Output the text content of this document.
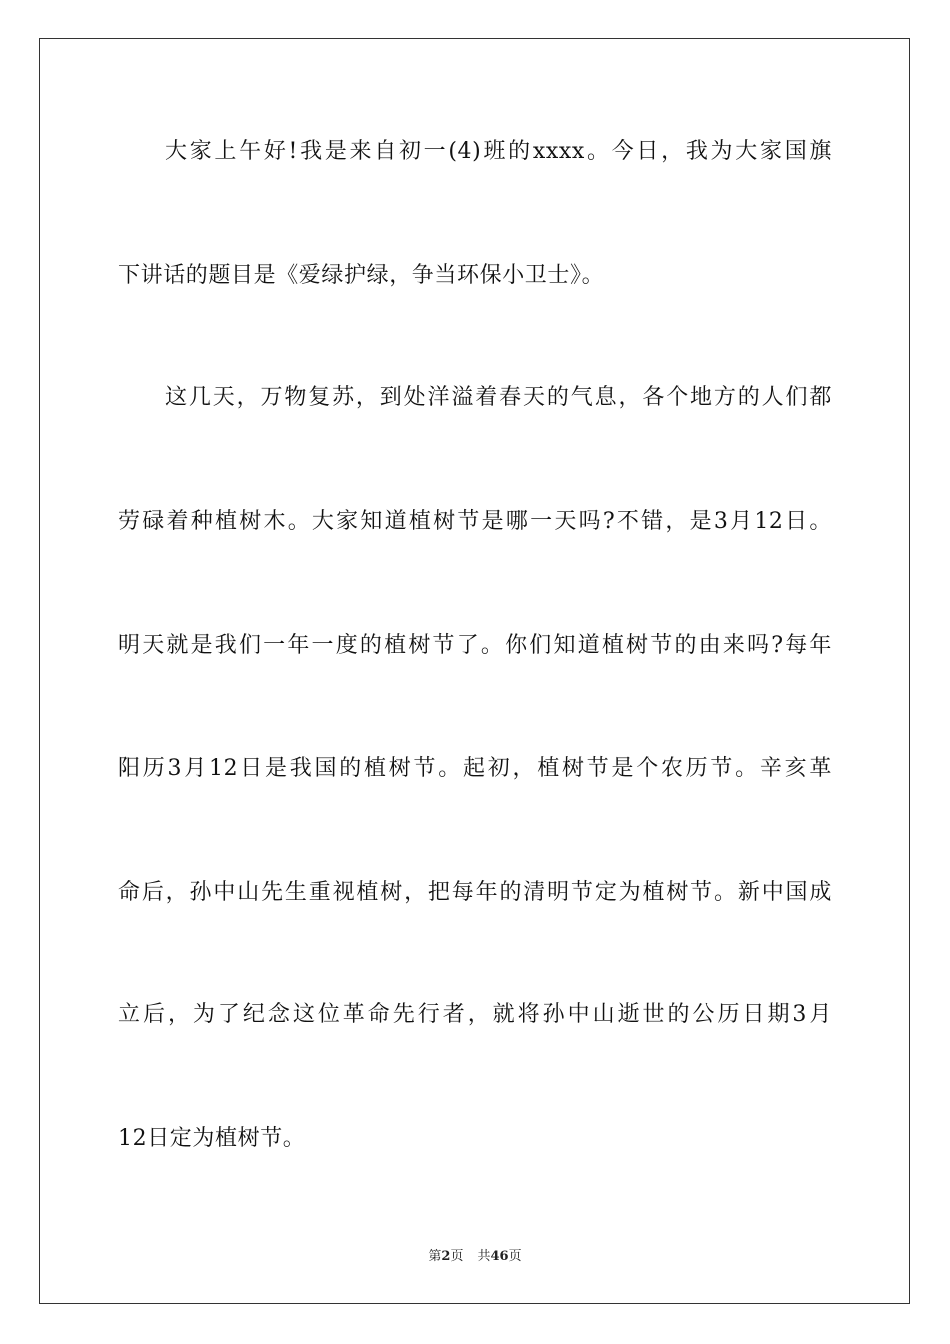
大家上午好!我是来自初一(4)班的xxxx。今日，我为大家国旗
下讲话的题目是《爱绿护绿，争当环保小卫士》。
这几天，万物复苏，到处洋溢着春天的气息，各个地方的人们都
劳碌着种植树木。大家知道植树节是哪一天吗?不错，是3月12日。
明天就是我们一年一度的植树节了。你们知道植树节的由来吗?每年
阳历3月12日是我国的植树节。起初，植树节是个农历节。辛亥革
命后，孙中山先生重视植树，把每年的清明节定为植树节。新中国成
立后，为了纪念这位革命先行者，就将孙中山逝世的公历日期3月
12日定为植树节。
第2页 共46页
